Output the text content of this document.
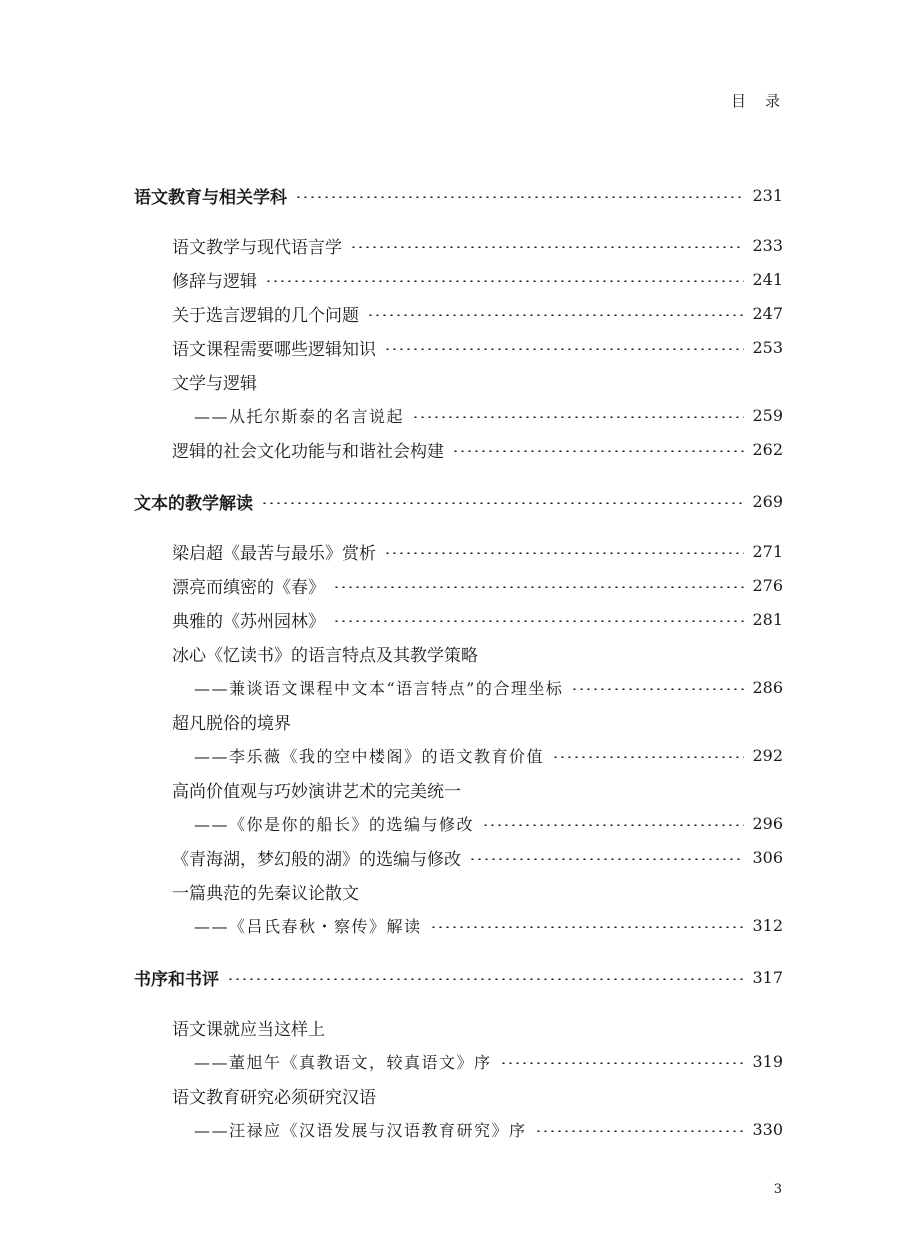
目　录
语文教育与相关学科	231
语文教学与现代语言学	233
修辞与逻辑	241
关于选言逻辑的几个问题	247
语文课程需要哪些逻辑知识	253
文学与逻辑
——从托尔斯泰的名言说起	259
逻辑的社会文化功能与和谐社会构建	262
文本的教学解读	269
梁启超《最苦与最乐》赏析	271
漂亮而缜密的《春》	276
典雅的《苏州园林》	281
冰心《忆读书》的语言特点及其教学策略
——兼谈语文课程中文本“语言特点”的合理坐标	286
超凡脱俗的境界
——李乐薇《我的空中楼阁》的语文教育价值	292
高尚价值观与巧妙演讲艺术的完美统一
——《你是你的船长》的选编与修改	296
《青海湖，梦幻般的湖》的选编与修改	306
一篇典范的先秦议论散文
——《吕氏春秋・察传》解读	312
书序和书评	317
语文课就应当这样上
——董旭午《真教语文，较真语文》序	319
语文教育研究必须研究汉语
——汪禄应《汉语发展与汉语教育研究》序	330
3
